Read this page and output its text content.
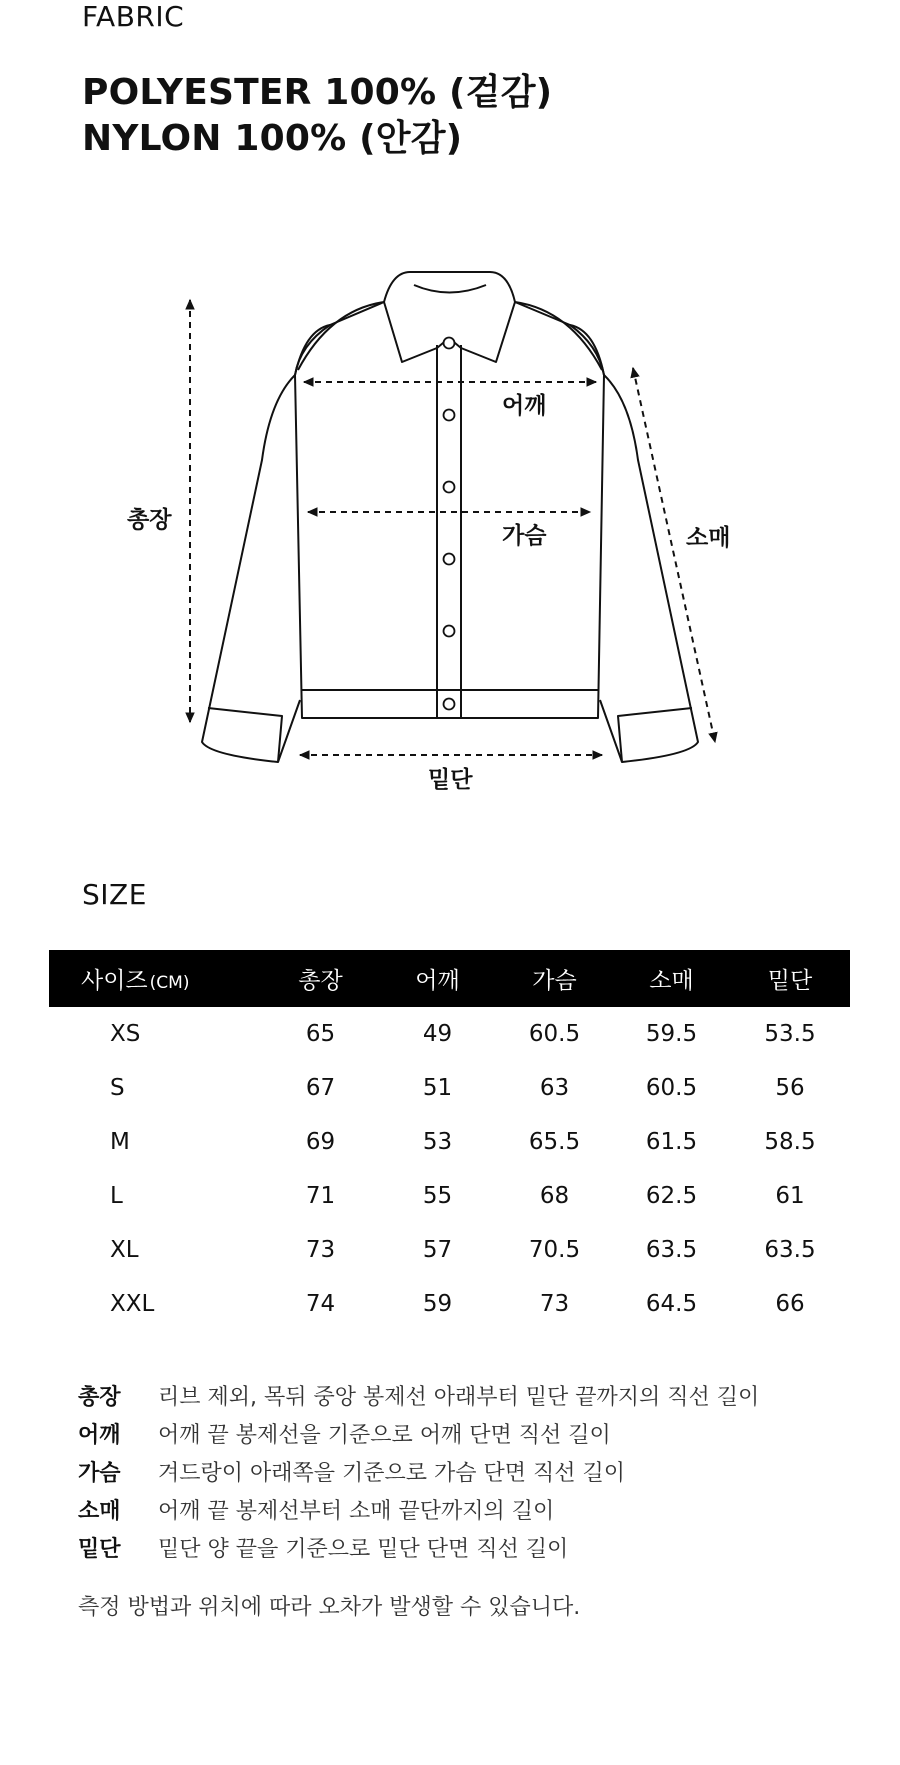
FABRIC
POLYESTER 100% (겉감)
NYLON 100% (안감)
총장
어깨
가슴	소매
밑단
SIZE
사이즈 (CM)	총장	어깨	가슴	소매	밑단
XS	65	49	60.5	59.5	53.5
S	67	51	63	60.5	56
M	69	53	65.5	61.5	58.5
L	71	55	68	62.5	61
XL	73	57	70.5	63.5	63.5
XXL	74	59	73	64.5	66
총장	리브 제외, 목뒤 중앙 봉제선 아래부터 밑단 끝까지의 직선 길이
어깨	어깨 끝 봉제선을 기준으로 어깨 단면 직선 길이
가슴	겨드랑이 아래쪽을 기준으로 가슴 단면 직선 길이
소매	어깨 끝 봉제선부터 소매 끝단까지의 길이
밑단	밑단 양 끝을 기준으로 밑단 단면 직선 길이
측정 방법과 위치에 따라 오차가 발생할 수 있습니다.
